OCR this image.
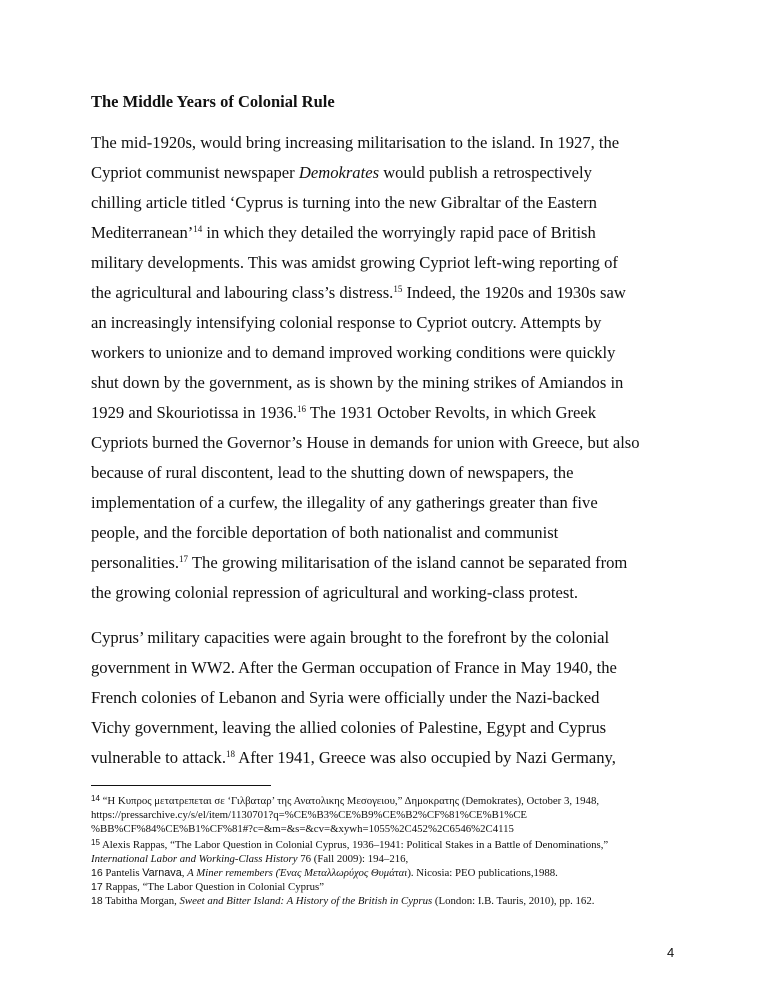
The Middle Years of Colonial Rule
The mid-1920s, would bring increasing militarisation to the island. In 1927, the
Cypriot communist newspaper Demokrates would publish a retrospectively
chilling article titled ‘Cyprus is turning into the new Gibraltar of the Eastern
Mediterranean’$^{14}$ in which they detailed the worryingly rapid pace of British
military developments. This was amidst growing Cypriot left-wing reporting of
the agricultural and labouring class’s distress.$^{15}$ Indeed, the 1920s and 1930s saw
an increasingly intensifying colonial response to Cypriot outcry. Attempts by
workers to unionize and to demand improved working conditions were quickly
shut down by the government, as is shown by the mining strikes of Amiandos in
1929 and Skouriotissa in 1936.16 The 1931 October Revolts, in which Greek
Cypriots burned the Governor’s House in demands for union with Greece, but also
because of rural discontent, lead to the shutting down of newspapers, the
implementation of a curfew, the illegality of any gatherings greater than five
people, and the forcible deportation of both nationalist and communist
personalities.$^{17}$ The growing militarisation of the island cannot be separated from
the growing colonial repression of agricultural and working-class protest.
Cyprus’ military capacities were again brought to the forefront by the colonial
government in WW2. After the German occupation of France in May 1940, the
French colonies of Lebanon and Syria were officially under the Nazi-backed
Vichy government, leaving the allied colonies of Palestine, Egypt and Cyprus
vulnerable to attack.$^{18}$ After 1941, Greece was also occupied by Nazi Germany,
$^{14}$ “Η Κυπρος μετατρεπεται σε ‘Γιλβαταρ’ της Ανατολικης Μεσογειου,” Δημοκρατης (Demokrates), October 3, 1948,
https://pressarchive.cy/s/el/item/1130701?q=%CE%B3%CE%B9%CE%B2%CF%81%CE%B1%CE
%BB%CF%84%CE%B1%CF%81#?c=&m=&s=&cv=&xywh=1055%2C452%2C6546%2C4115
$^{15}$ Alexis Rappas, “The Labor Question in Colonial Cyprus, 1936–1941: Political Stakes in a Battle of Denominations,”
International Labor and Working-Class History 76 (Fall 2009): 194–216,
16 Pantelis Varnava, A Miner remembers (Ένας Μεταλλωρύχος Θυμάται). Nicosia: PEO publications,1988.
17 Rappas, “The Labor Question in Colonial Cyprus”
18 Tabitha Morgan, Sweet and Bitter Island: A History of the British in Cyprus (London: I.B. Tauris, 2010), pp. 162.
4
